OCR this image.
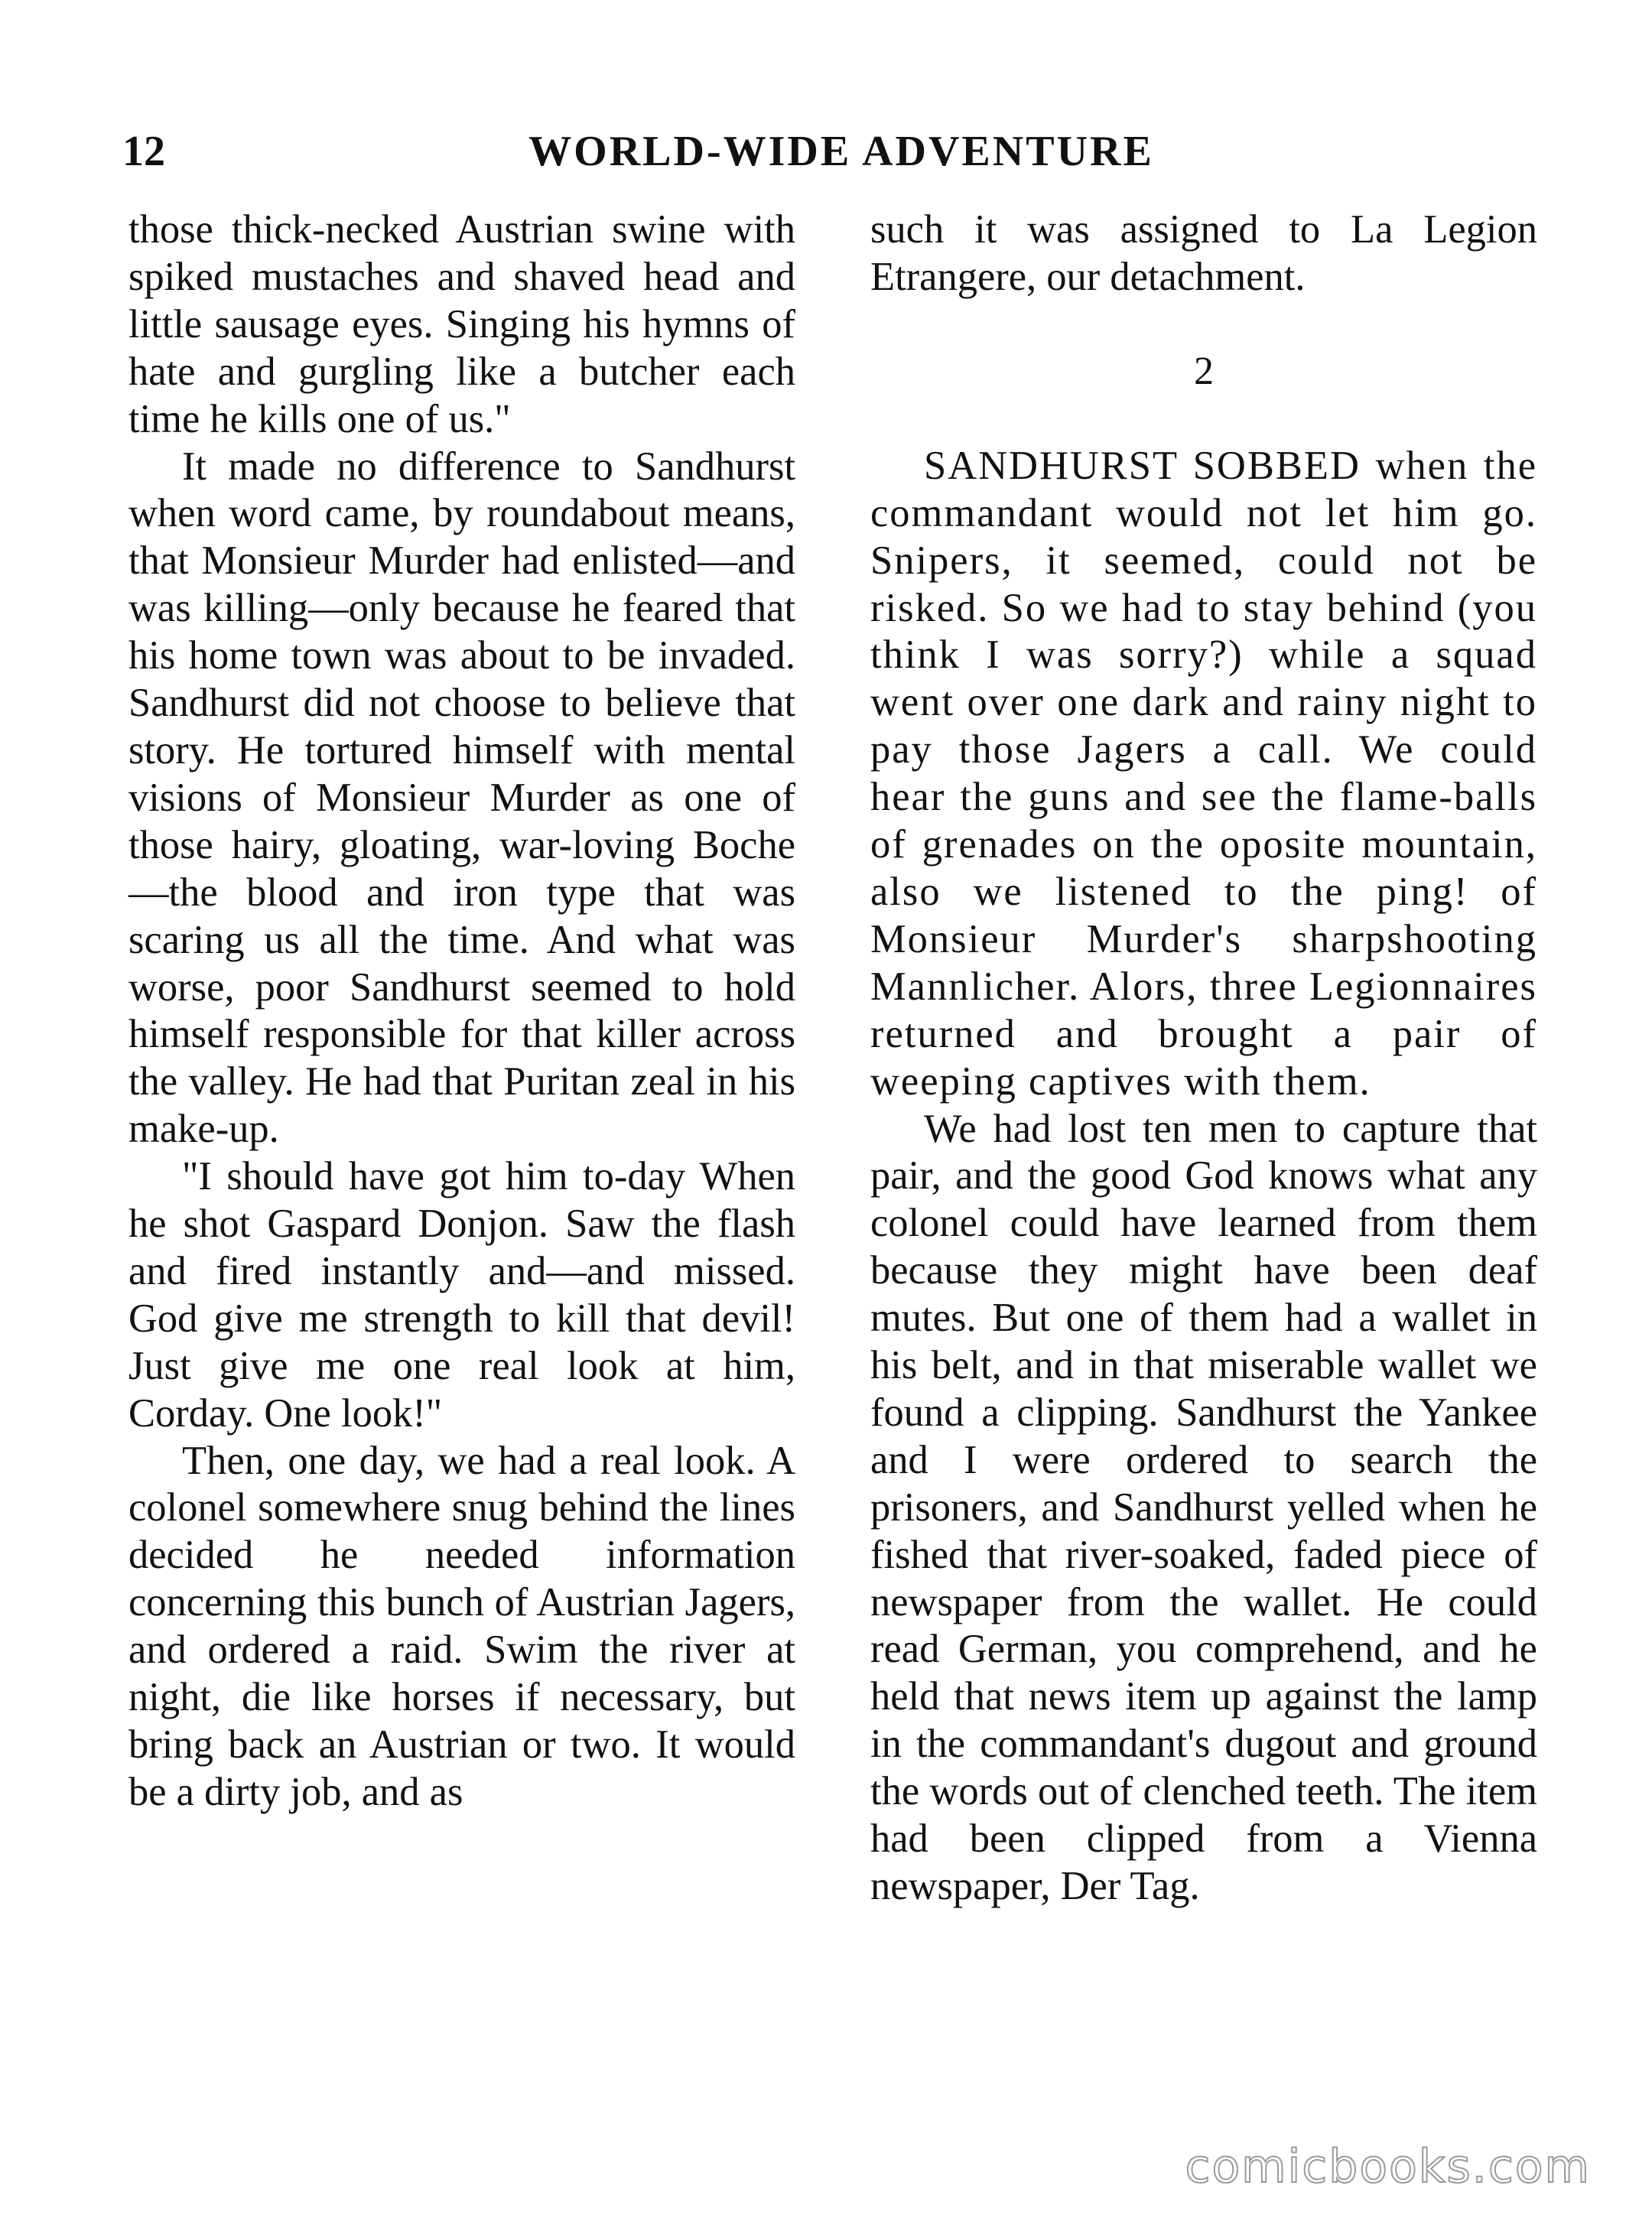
12	WORLD-WIDE ADVENTURE

those thick-necked Austrian swine with spiked mustaches and shaved head and little sausage eyes. Singing his hymns of hate and gurgling like a butcher each time he kills one of us."

It made no difference to Sandhurst when word came, by roundabout means, that Monsieur Murder had enlisted—and was killing—only because he feared that his home town was about to be invaded. Sandhurst did not choose to believe that story. He tortured himself with mental visions of Monsieur Murder as one of those hairy, gloating, war-loving Boche—the blood and iron type that was scaring us all the time. And what was worse, poor Sandhurst seemed to hold himself responsible for that killer across the valley. He had that Puritan zeal in his make-up.

"I should have got him to-day When he shot Gaspard Donjon. Saw the flash and fired instantly and—and missed. God give me strength to kill that devil! Just give me one real look at him, Corday. One look!"

Then, one day, we had a real look. A colonel somewhere snug behind the lines decided he needed information concerning this bunch of Austrian Jagers, and ordered a raid. Swim the river at night, die like horses if necessary, but bring back an Austrian or two. It would be a dirty job, and as

such it was assigned to La Legion Etrangere, our detachment.

2

SANDHURST SOBBED when the commandant would not let him go. Snipers, it seemed, could not be risked. So we had to stay behind (you think I was sorry?) while a squad went over one dark and rainy night to pay those Jagers a call. We could hear the guns and see the flame-balls of grenades on the oposite mountain, also we listened to the ping! of Monsieur Murder's sharpshooting Mannlicher. Alors, three Legionnaires returned and brought a pair of weeping captives with them.

We had lost ten men to capture that pair, and the good God knows what any colonel could have learned from them because they might have been deaf mutes. But one of them had a wallet in his belt, and in that miserable wallet we found a clipping. Sandhurst the Yankee and I were ordered to search the prisoners, and Sandhurst yelled when he fished that river-soaked, faded piece of newspaper from the wallet. He could read German, you comprehend, and he held that news item up against the lamp in the commandant's dugout and ground the words out of clenched teeth. The item had been clipped from a Vienna newspaper, Der Tag.

comicbooks.com
